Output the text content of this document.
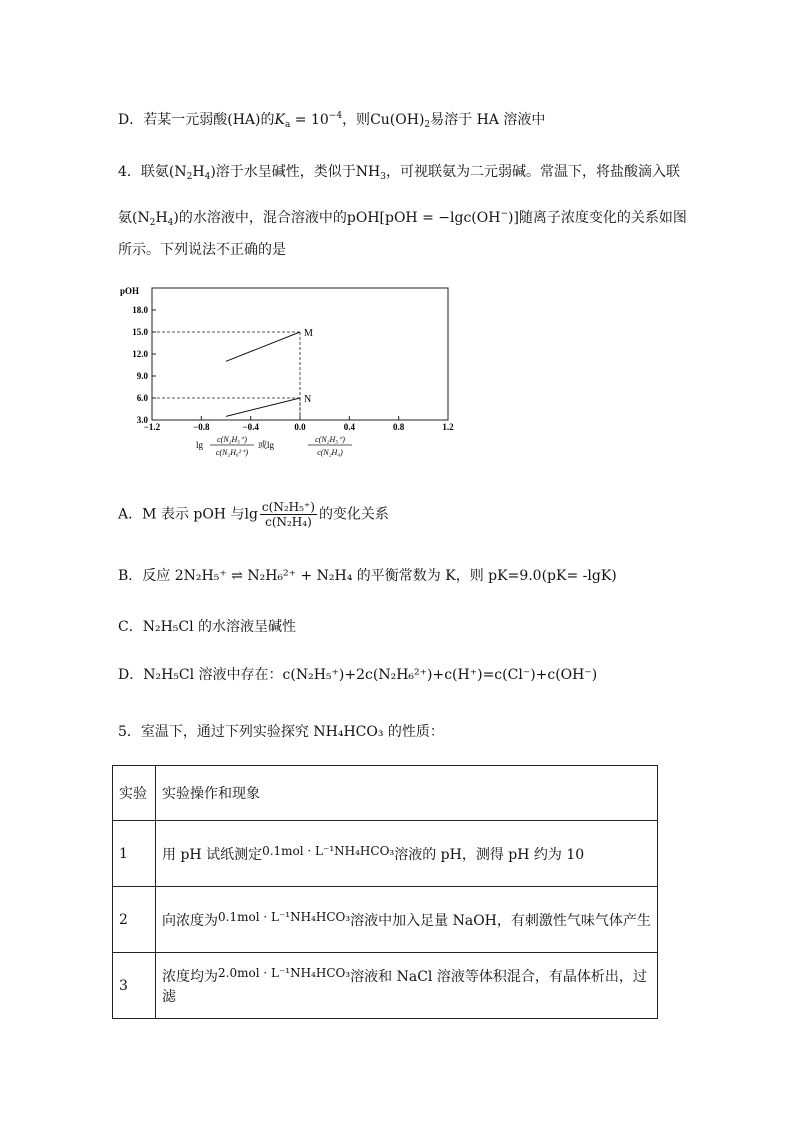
D．若某一元弱酸(HA)的$K_a = 10^{-4}$，则$Cu(OH)_2$易溶于 HA 溶液中
4．联氨$(N_2H_4)$溶于水呈碱性，类似于$NH_3$，可视联氨为二元弱碱。常温下，将盐酸滴入联
氨$(N_2H_4)$的水溶液中，混合溶液中的pOH[pOH = −lgc(OH−)]随离子浓度变化的关系如图
所示。下列说法不正确的是
pOH
18.0
15.0
12.0
9.0
6.0
3.0
−1.2	−0.8	−0.4	0.0	0.4	0.8	1.2
M
N
lg
c(N₂H₅⁺)
c(N₂H₆²⁺)
或lg
c(N₂H₅⁺)
c(N₂H₄)
A．M 表示 pOH 与$\lg \frac{\text{c(N₂H₅⁺)}}{\text{c(N₂H₄)}}$ 的变化关系
B．反应 2N₂H₅⁺ ⇌ N₂H₆²⁺ + N₂H₄ 的平衡常数为 K，则 pK=9.0(pK= -lgK)
C．N₂H₅Cl 的水溶液呈碱性
D．N₂H₅Cl 溶液中存在：c(N₂H₅⁺)+2c(N₂H₆²⁺)+c(H⁺)=c(Cl⁻)+c(OH⁻)
5．室温下，通过下列实验探究 NH₄HCO₃ 的性质：
实验	实验操作和现象
1	用 pH 试纸测定0.1mol · L⁻¹NH₄HCO₃溶液的 pH，测得 pH 约为 10
2	向浓度为0.1mol · L⁻¹NH₄HCO₃溶液中加入足量 NaOH，有刺激性气味气体产生
3	浓度均为2.0mol · L⁻¹NH₄HCO₃溶液和 NaCl 溶液等体积混合，有晶体析出，过滤
